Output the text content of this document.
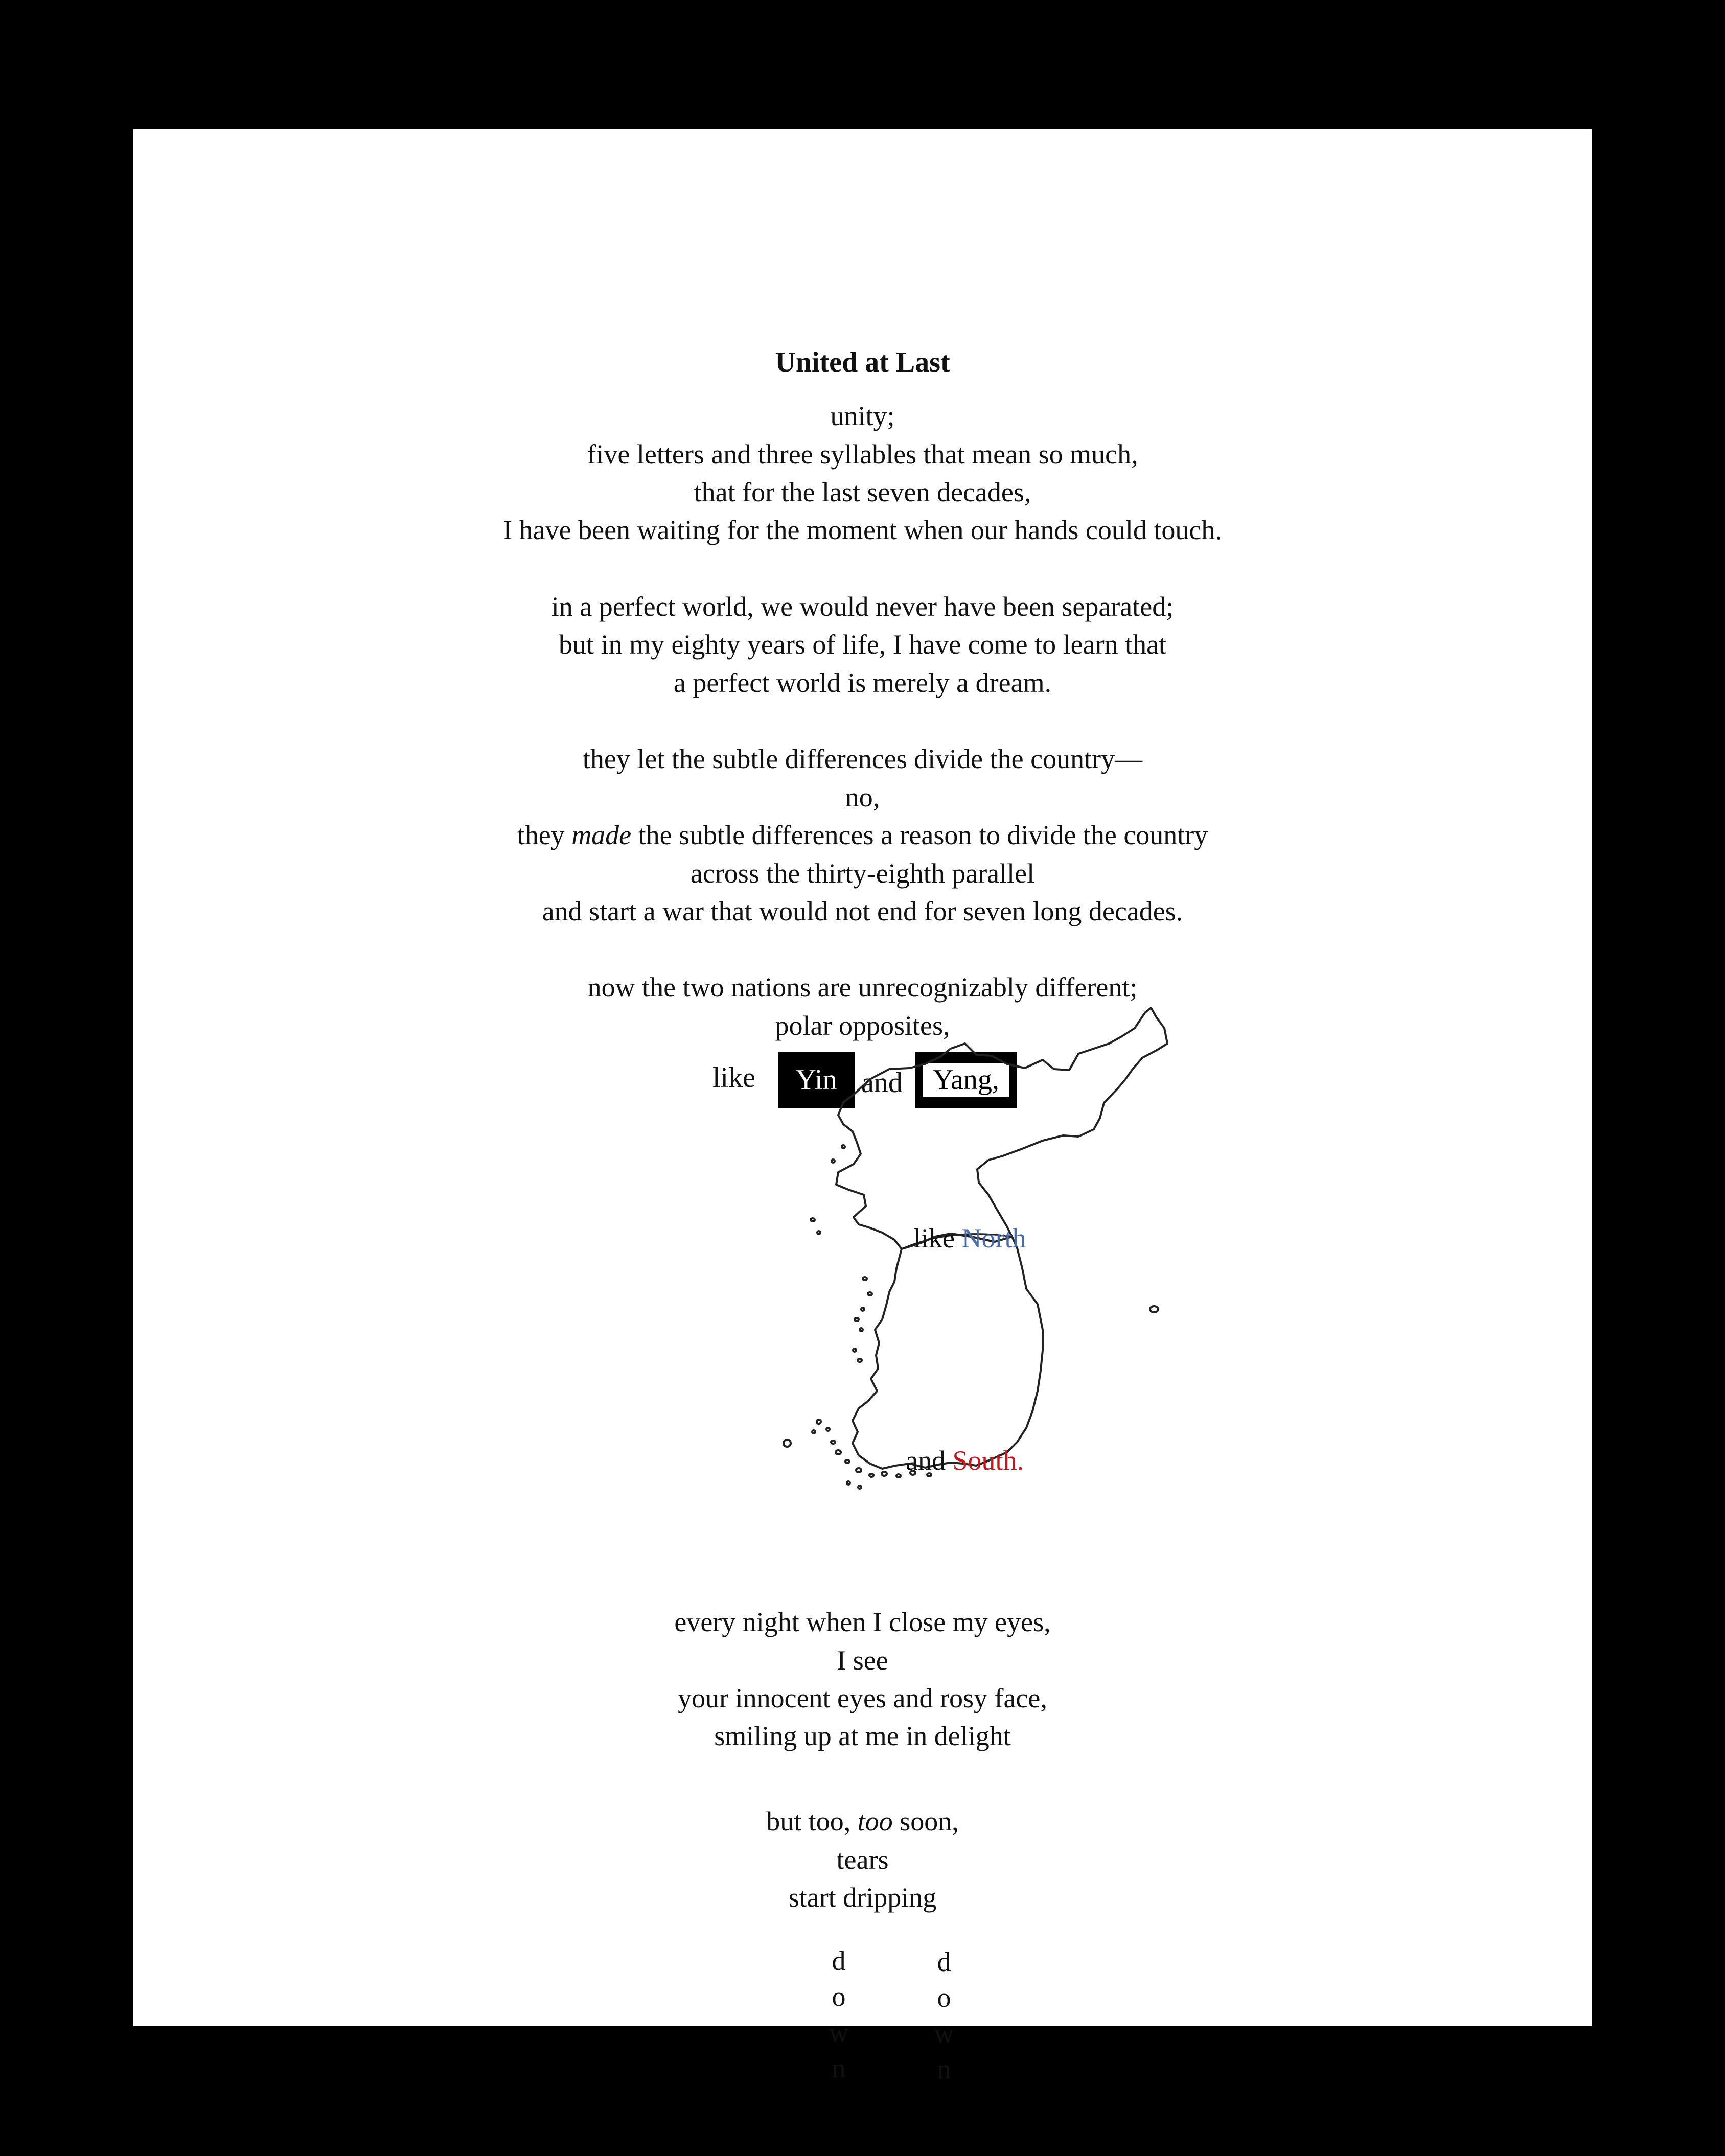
United at Last
unity;
five letters and three syllables that mean so much,
that for the last seven decades,
I have been waiting for the moment when our hands could touch.
in a perfect world, we would never have been separated;
but in my eighty years of life, I have come to learn that
a perfect world is merely a dream.
they let the subtle differences divide the country—
no,
they made the subtle differences a reason to divide the country
across the thirty-eighth parallel
and start a war that would not end for seven long decades.
now the two nations are unrecognizably different;
polar opposites,
like Yin and Yang,
like North
and South.
every night when I close my eyes,
I see
your innocent eyes and rosy face,
smiling up at me in delight
but too, too soon,
tears
start dripping
d
o
w
n
d
o
w
n
